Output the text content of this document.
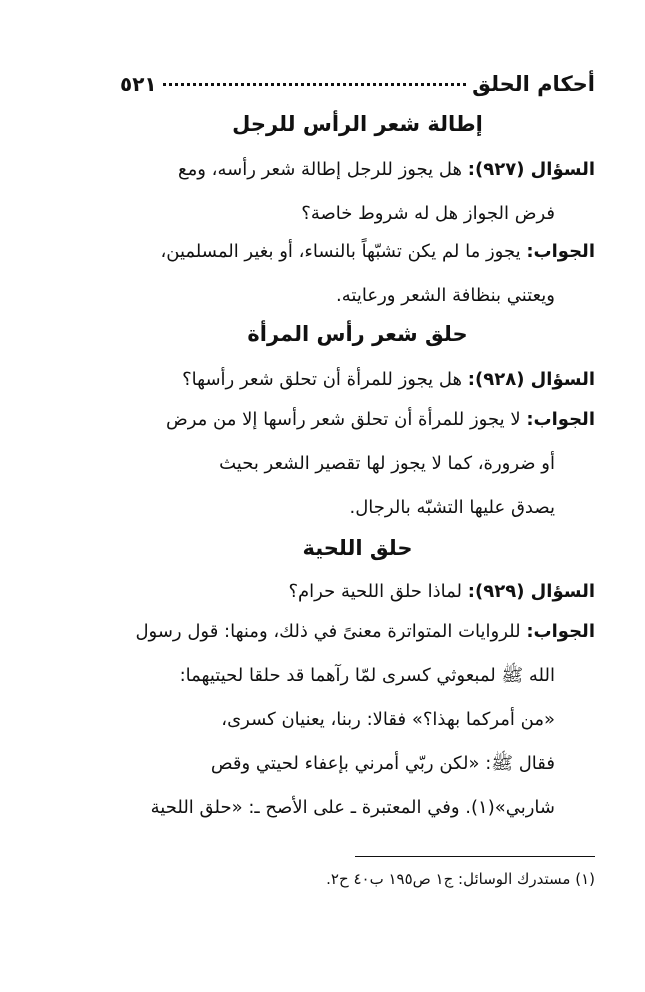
أحكام الحلق
٥٢١
إطالة شعر الرأس للرجل
السؤال (٩٢٧): هل يجوز للرجل إطالة شعر رأسه، ومع
فرض الجواز هل له شروط خاصة؟
الجواب: يجوز ما لم يكن تشبّهاً بالنساء، أو بغير المسلمين،
ويعتني بنظافة الشعر ورعايته.
حلق شعر رأس المرأة
السؤال (٩٢٨): هل يجوز للمرأة أن تحلق شعر رأسها؟
الجواب: لا يجوز للمرأة أن تحلق شعر رأسها إلا من مرض
أو ضرورة، كما لا يجوز لها تقصير الشعر بحيث
يصدق عليها التشبّه بالرجال.
حلق اللحية
السؤال (٩٢٩): لماذا حلق اللحية حرام؟
الجواب: للروايات المتواترة معنىً في ذلك، ومنها: قول رسول
الله ﷺ لمبعوثي كسرى لمّا رآهما قد حلقا لحيتيهما:
«من أمركما بهذا؟» فقالا: ربنا، يعنيان كسرى،
فقال ﷺ: «لكن ربّي أمرني بإعفاء لحيتي وقص
شاربي»(١). وفي المعتبرة ـ على الأصح ـ: «حلق اللحية
(١) مستدرك الوسائل: ج١ ص١٩٥ ب٤٠ ح٢.
